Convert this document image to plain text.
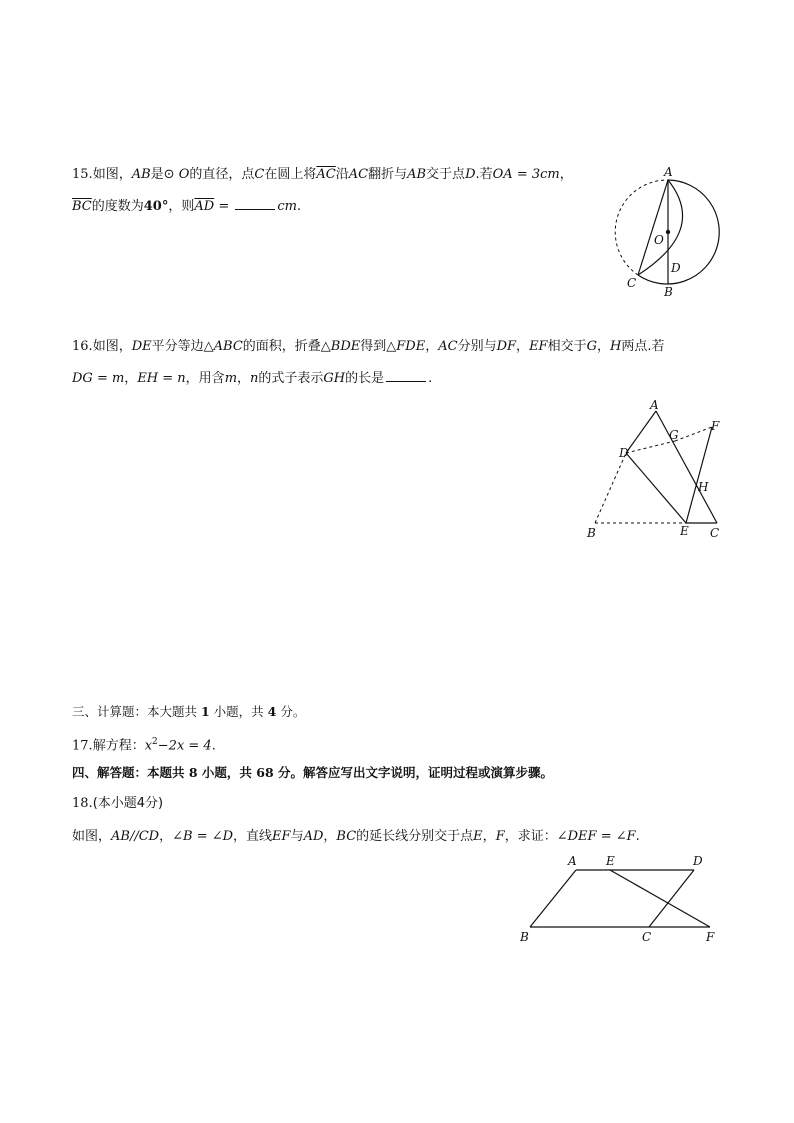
15.如图，AB是⊙ O的直径，点C在圆上将$\overline{AC}$沿AC翻折与AB交于点D.若OA = 3cm，
$\overline{BC}$的度数为40°，则$\overline{AD}$ =	cm.
A
O
D
C
B
16.如图，DE平分等边△ABC的面积，折叠△BDE得到△FDE，AC分别与DF，EF相交于G，H两点.若
DG = m，EH = n，用含m，n的式子表示GH的长是	.
A
G
F
D
H
B	E C
三、计算题：本大题共 1 小题，共 4 分。
17.解方程：$x^2-2x = 4$.
四、解答题：本题共 8 小题，共 68 分。解答应写出文字说明，证明过程或演算步骤。
18.(本小题4分)
如图，AB//CD，∠B = ∠D，直线EF与AD，BC的延长线分别交于点E，F，求证：∠DEF = ∠F.
A E	D
B	C	F
